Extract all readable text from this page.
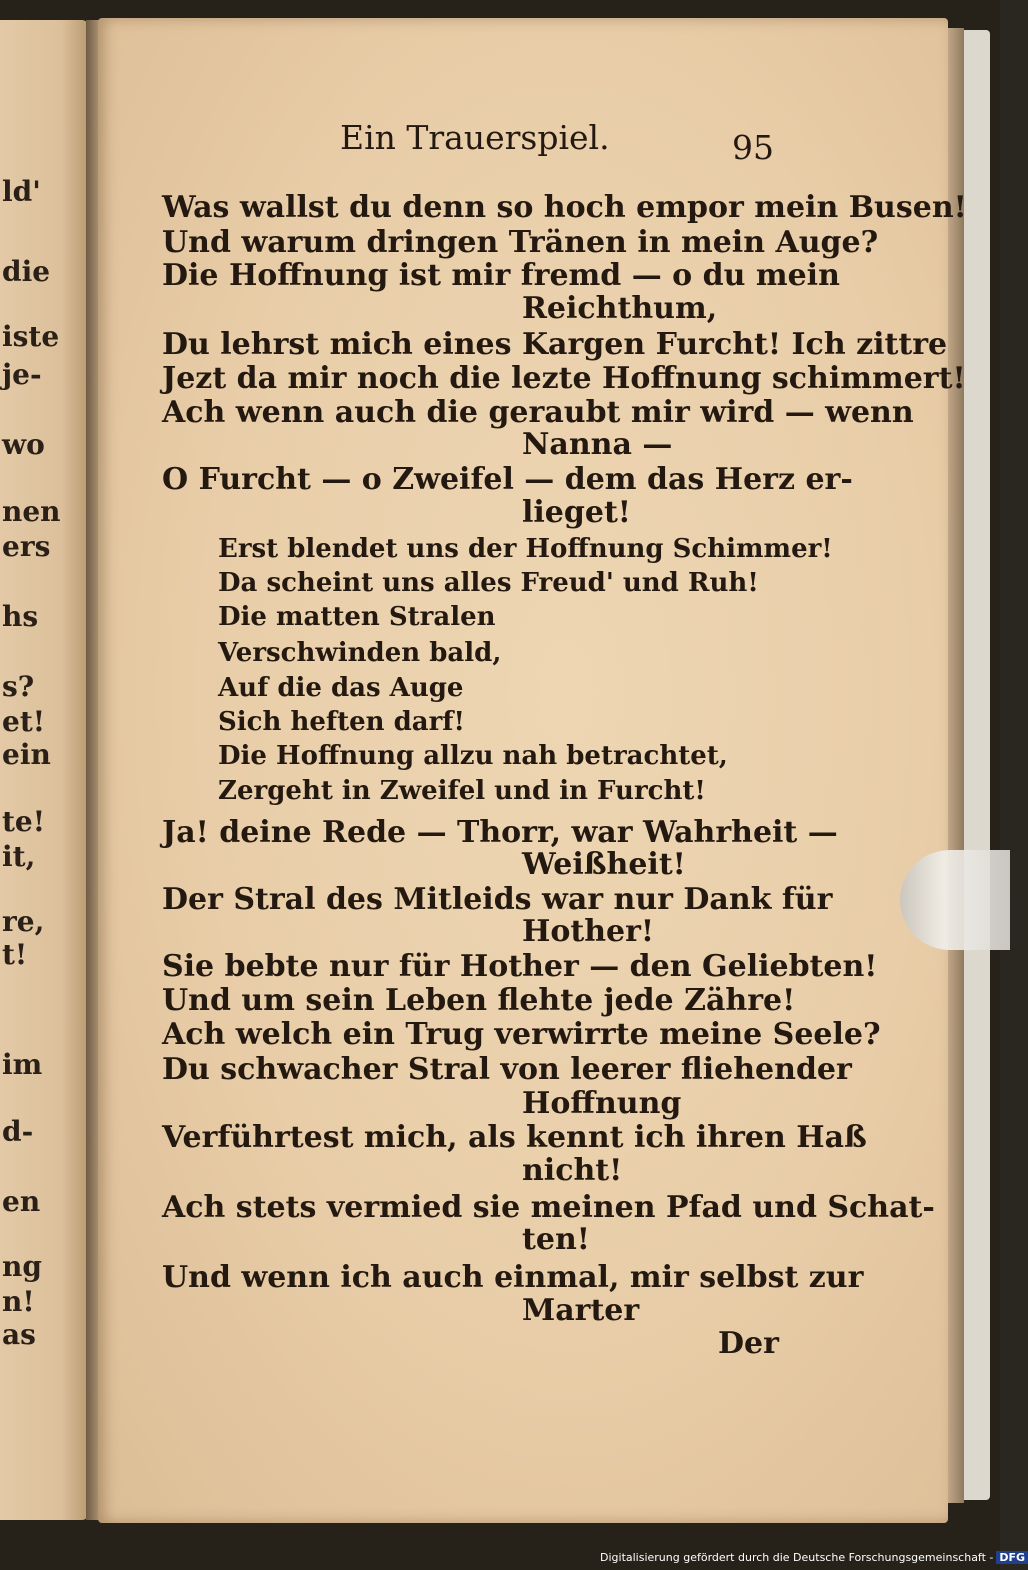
ld'
die
iste
je-
wo
nen
ers
hs
s?
et!
ein
te!
it,
re,
t!
im
d-
en
ng
n!
as
Ein Trauerspiel.	95
Was wallst du denn so hoch empor mein Busen!
Und warum dringen Tränen in mein Auge?
Die Hoffnung ist mir fremd — o du mein
Reichthum,
Du lehrst mich eines Kargen Furcht! Ich zittre
Jezt da mir noch die lezte Hoffnung schimmert!
Ach wenn auch die geraubt mir wird — wenn
Nanna —
O Furcht — o Zweifel — dem das Herz er-
lieget!
Erst blendet uns der Hoffnung Schimmer!
Da scheint uns alles Freud' und Ruh!
Die matten Stralen
Verschwinden bald,
Auf die das Auge
Sich heften darf!
Die Hoffnung allzu nah betrachtet,
Zergeht in Zweifel und in Furcht!
Ja! deine Rede — Thorr, war Wahrheit —
Weißheit!
Der Stral des Mitleids war nur Dank für
Hother!
Sie bebte nur für Hother — den Geliebten!
Und um sein Leben flehte jede Zähre!
Ach welch ein Trug verwirrte meine Seele?
Du schwacher Stral von leerer fliehender
Hoffnung
Verführtest mich, als kennt ich ihren Haß
nicht!
Ach stets vermied sie meinen Pfad und Schat-
ten!
Und wenn ich auch einmal, mir selbst zur
Marter
Der
Digitalisierung gefördert durch die Deutsche Forschungsgemeinschaft - DFG
